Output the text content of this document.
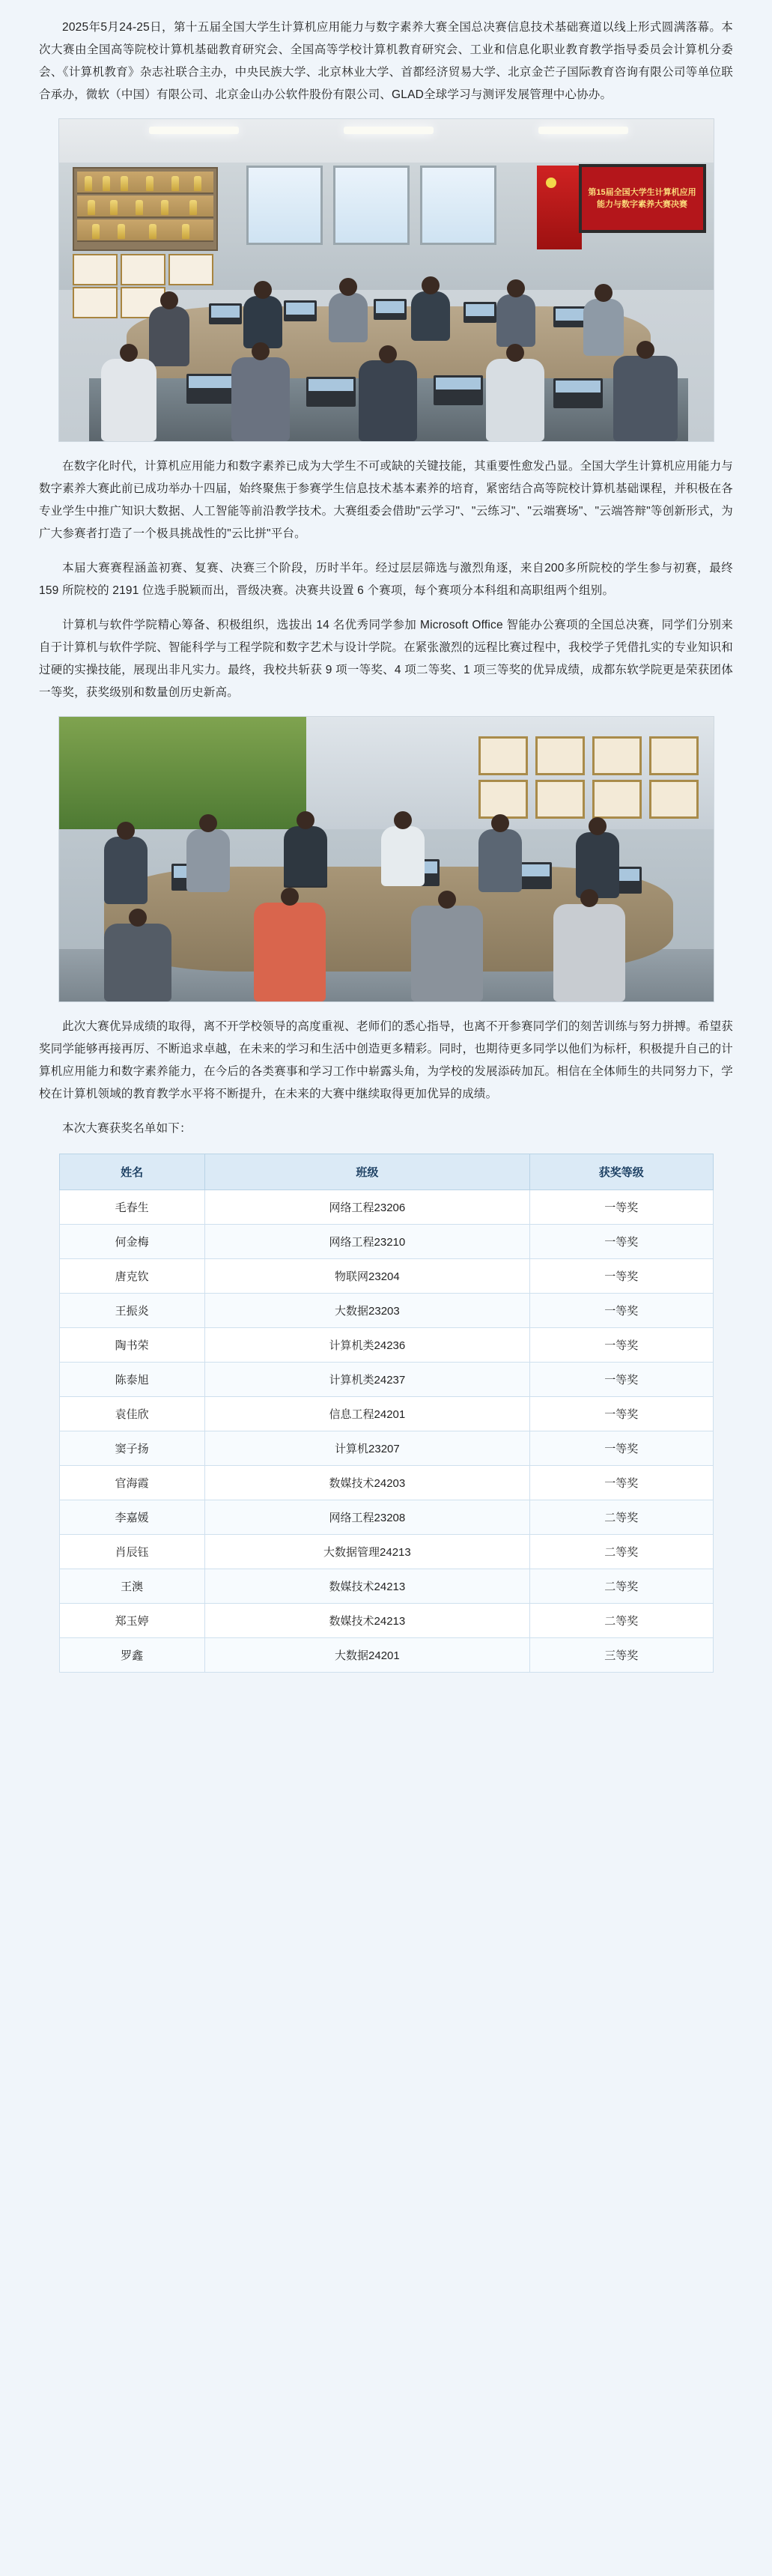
2025年5月24-25日，第十五届全国大学生计算机应用能力与数字素养大赛全国总决赛信息技术基础赛道以线上形式圆满落幕。本次大赛由全国高等院校计算机基础教育研究会、全国高等学校计算机教育研究会、工业和信息化职业教育教学指导委员会计算机分委会、《计算机教育》杂志社联合主办，中央民族大学、北京林业大学、首都经济贸易大学、北京金芒子国际教育咨询有限公司等单位联合承办，微软（中国）有限公司、北京金山办公软件股份有限公司、GLAD全球学习与测评发展管理中心协办。

第15届全国大学生计算机应用能力与数字素养大赛决赛

在数字化时代，计算机应用能力和数字素养已成为大学生不可或缺的关键技能，其重要性愈发凸显。全国大学生计算机应用能力与数字素养大赛此前已成功举办十四届，始终聚焦于参赛学生信息技术基本素养的培育，紧密结合高等院校计算机基础课程，并积极在各专业学生中推广知识大数据、人工智能等前沿教学技术。大赛组委会借助"云学习"、"云练习"、"云端赛场"、"云端答辩"等创新形式，为广大参赛者打造了一个极具挑战性的"云比拼"平台。

本届大赛赛程涵盖初赛、复赛、决赛三个阶段，历时半年。经过层层筛选与激烈角逐，来自200多所院校的学生参与初赛，最终 159 所院校的 2191 位选手脱颖而出，晋级决赛。决赛共设置 6 个赛项，每个赛项分本科组和高职组两个组别。

计算机与软件学院精心筹备、积极组织，选拔出 14 名优秀同学参加 Microsoft Office 智能办公赛项的全国总决赛，同学们分别来自于计算机与软件学院、智能科学与工程学院和数字艺术与设计学院。在紧张激烈的远程比赛过程中，我校学子凭借扎实的专业知识和过硬的实操技能，展现出非凡实力。最终，我校共斩获 9 项一等奖、4 项二等奖、1 项三等奖的优异成绩，成都东软学院更是荣获团体一等奖，获奖级别和数量创历史新高。

此次大赛优异成绩的取得，离不开学校领导的高度重视、老师们的悉心指导，也离不开参赛同学们的刻苦训练与努力拼搏。希望获奖同学能够再接再厉、不断追求卓越，在未来的学习和生活中创造更多精彩。同时，也期待更多同学以他们为标杆，积极提升自己的计算机应用能力和数字素养能力，在今后的各类赛事和学习工作中崭露头角，为学校的发展添砖加瓦。相信在全体师生的共同努力下，学校在计算机领域的教育教学水平将不断提升，在未来的大赛中继续取得更加优异的成绩。

本次大赛获奖名单如下：

姓名	班级	获奖等级
毛春生	网络工程23206	一等奖
何金梅	网络工程23210	一等奖
唐克钦	物联网23204	一等奖
王振炎	大数据23203	一等奖
陶书荣	计算机类24236	一等奖
陈泰旭	计算机类24237	一等奖
袁佳欣	信息工程24201	一等奖
窦子扬	计算机23207	一等奖
官海霞	数媒技术24203	一等奖
李嘉媛	网络工程23208	二等奖
肖辰钰	大数据管理24213	二等奖
王澳	数媒技术24213	二等奖
郑玉婷	数媒技术24213	二等奖
罗鑫	大数据24201	三等奖
